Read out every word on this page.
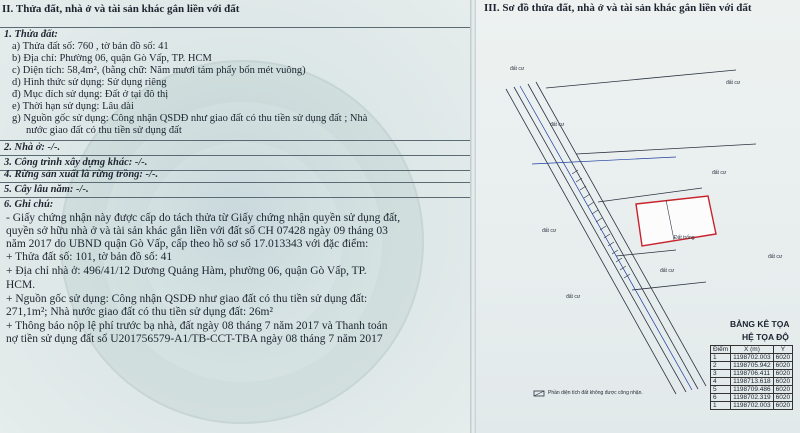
II. Thửa đất, nhà ở và tài sản khác gắn liền với đất
1. Thửa đất:
a) Thửa đất số: 760 , tờ bản đồ số: 41
b) Địa chỉ: Phường 06, quận Gò Vấp, TP. HCM
c) Diện tích: 58,4m², (bằng chữ: Năm mươi tám phẩy bốn mét vuông)
d) Hình thức sử dụng: Sử dụng riêng
đ) Mục đích sử dụng: Đất ở tại đô thị
e) Thời hạn sử dụng: Lâu dài
g) Nguồn gốc sử dụng: Công nhận QSDĐ như giao đất có thu tiền sử dụng đất ; Nhà
nước giao đất có thu tiền sử dụng đất
2. Nhà ở: -/-.
3. Công trình xây dựng khác: -/-.
4. Rừng sản xuất là rừng trồng: -/-.
5. Cây lâu năm: -/-.
6. Ghi chú:
- Giấy chứng nhận này được cấp do tách thửa từ Giấy chứng nhận quyền sử dụng đất,
quyền sở hữu nhà ở và tài sản khác gắn liền với đất số CH 07428 ngày 09 tháng 03
năm 2017 do UBND quận Gò Vấp, cấp theo hồ sơ số 17.013343 với đặc điểm:
+ Thửa đất số: 101, tờ bản đồ số: 41
+ Địa chỉ nhà ở: 496/41/12 Dương Quảng Hàm, phường 06, quận Gò Vấp, TP.
HCM.
+ Nguồn gốc sử dụng: Công nhận QSDĐ như giao đất có thu tiền sử dụng đất:
271,1m²; Nhà nước giao đất có thu tiền sử dụng đất: 26m²
+ Thông báo nộp lệ phí trước bạ nhà, đất ngày 08 tháng 7 năm 2017 và Thanh toán
nợ tiền sử dụng đất số U201756579-A1/TB-CCT-TBA ngày 08 tháng 7 năm 2017
III. Sơ đồ thửa đất, nhà ở và tài sản khác gắn liền với đất
đất cư
đất cư
đất cư
đất cư
đất cư
đất cư
đất cư
đất cư
Đất trống
Phần diện tích đất không được công nhận.
BẢNG KÊ TỌA
HỆ TỌA ĐỘ
Điểm	X (m)	Y
1	1198702.003	6020
2	1198705.942	6020
3	1198706.411	6020
4	1198713.618	6020
5	1198709.486	6020
6	1198702.319	6020
1	1198702.003	6020
